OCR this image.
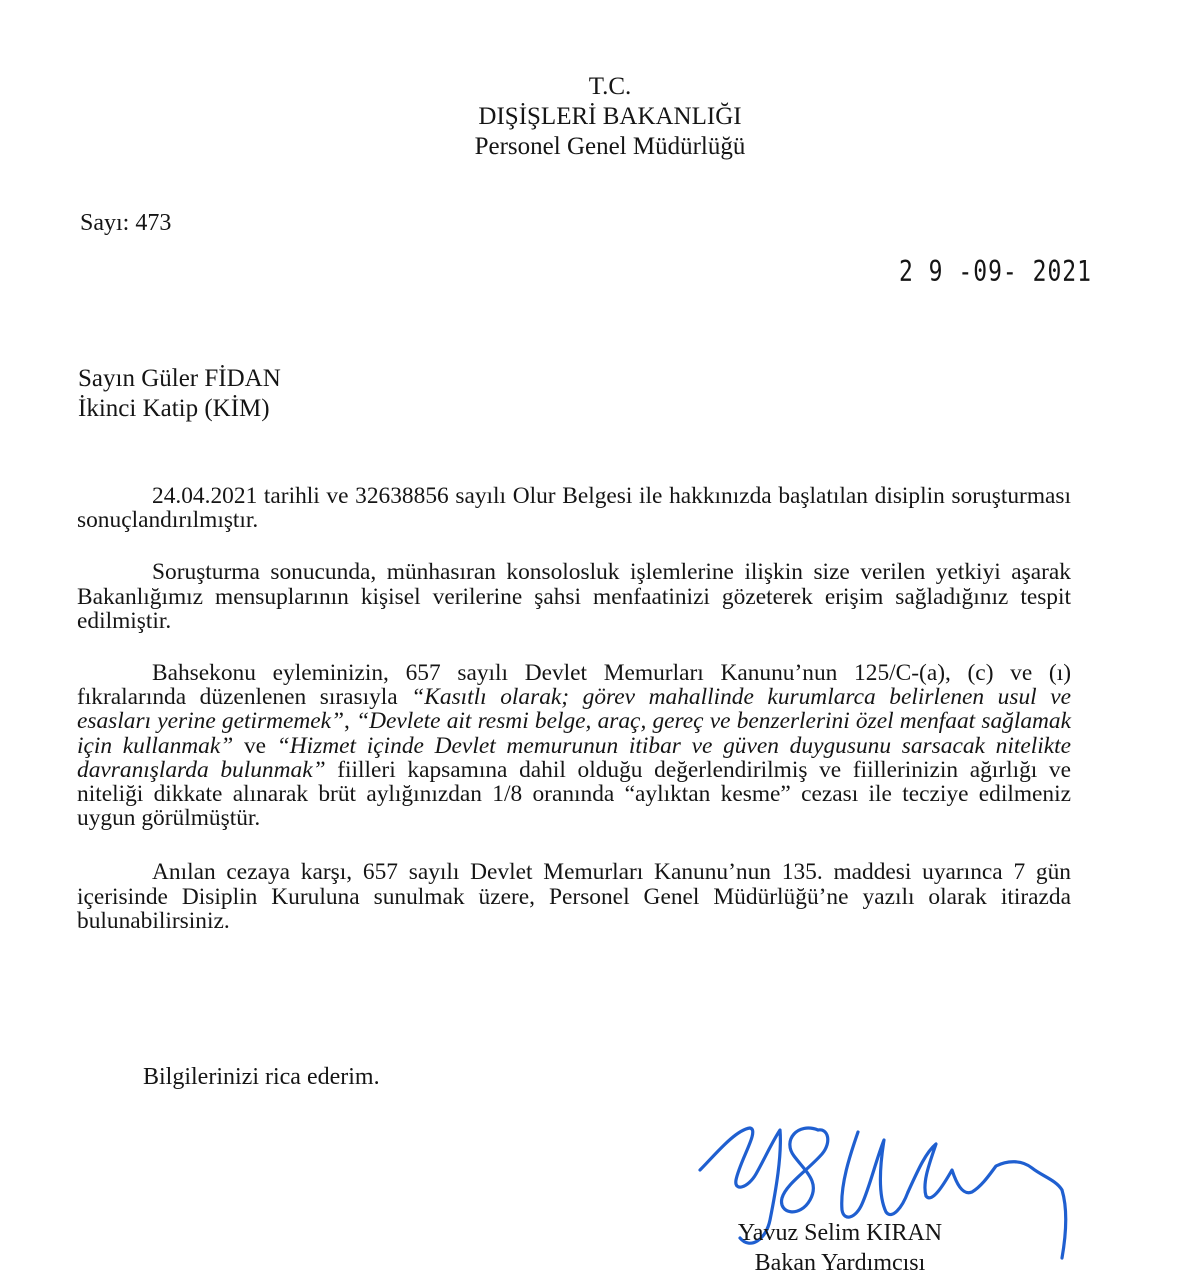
T.C.
DIŞİŞLERİ BAKANLIĞI
Personel Genel Müdürlüğü
Sayı: 473
2 9 -09- 2021
Sayın Güler FİDAN
İkinci Katip (KİM)

24.04.2021 tarihli ve 32638856 sayılı Olur Belgesi ile hakkınızda başlatılan disiplin soruşturması sonuçlandırılmıştır.

Soruşturma sonucunda, münhasıran konsolosluk işlemlerine ilişkin size verilen yetkiyi aşarak Bakanlığımız mensuplarının kişisel verilerine şahsi menfaatinizi gözeterek erişim sağladığınız tespit edilmiştir.

Bahsekonu eyleminizin, 657 sayılı Devlet Memurları Kanunu’nun 125/C-(a), (c) ve (ı) fıkralarında düzenlenen sırasıyla “Kasıtlı olarak; görev mahallinde kurumlarca belirlenen usul ve esasları yerine getirmemek”, “Devlete ait resmi belge, araç, gereç ve benzerlerini özel menfaat sağlamak için kullanmak” ve “Hizmet içinde Devlet memurunun itibar ve güven duygusunu sarsacak nitelikte davranışlarda bulunmak” fiilleri kapsamına dahil olduğu değerlendirilmiş ve fiillerinizin ağırlığı ve niteliği dikkate alınarak brüt aylığınızdan 1/8 oranında “aylıktan kesme” cezası ile tecziye edilmeniz uygun görülmüştür.

Anılan cezaya karşı, 657 sayılı Devlet Memurları Kanunu’nun 135. maddesi uyarınca 7 gün içerisinde Disiplin Kuruluna sunulmak üzere, Personel Genel Müdürlüğü’ne yazılı olarak itirazda bulunabilirsiniz.

Bilgilerinizi rica ederim.
Yavuz Selim KIRAN
Bakan Yardımcısı
